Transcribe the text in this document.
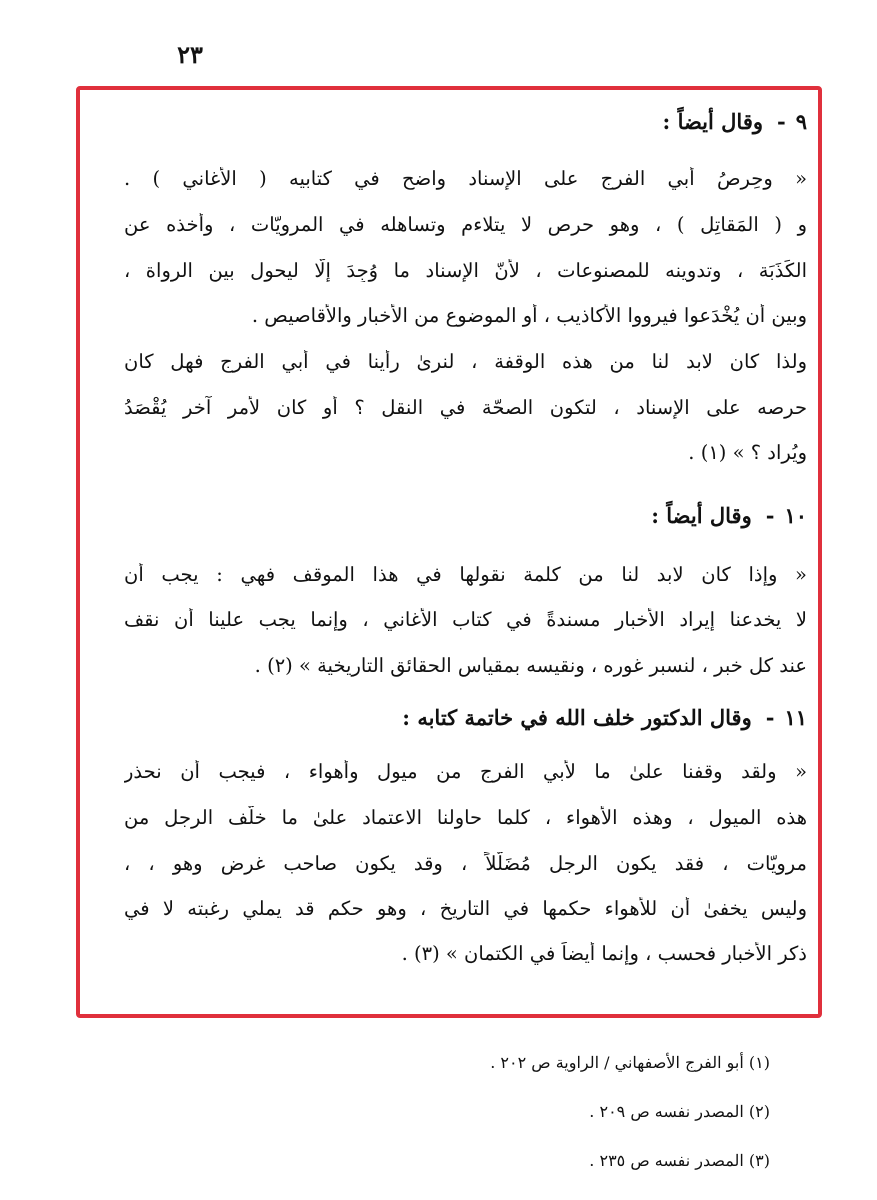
٢٣
٩-وقال أيضاً :
« وحِرصُ أبي الفرج على الإسناد واضح في كتابيه ( الأغاني ) .
و ( المَقاتِل ) ، وهو حرص لا يتلاءم وتساهله في المرويّات ، وأخذه عن
الكَذَبَة ، وتدوينه للمصنوعات ، لأنّ الإسناد ما وُجِدَ إلّا ليحول بين الرواة ،
وبين أن يُخْدَعوا فيرووا الأكاذيب ، أو الموضوع من الأخبار والأقاصيص .
ولذا كان لابد لنا من هذه الوقفة ، لنرىٰ رأينا في أبي الفرج فهل كان
حرصه على الإسناد ، لتكون الصحّة في النقل ؟ أو كان لأمر آخر يُقْصَدُ
ويُراد ؟ » (١) .
١٠-وقال أيضاً :
« وإذا كان لابد لنا من كلمة نقولها في هذا الموقف فهي : يجب أن
لا يخدعنا إيراد الأخبار مسندةً في كتاب الأغاني ، وإنما يجب علينا أن نقف
عند كل خبر ، لنسبر غوره ، ونقيسه بمقياس الحقائق التاريخية » (٢) .
١١-وقال الدكتور خلف الله في خاتمة كتابه :
« ولقد وقفنا علىٰ ما لأبي الفرج من ميول وأهواء ، فيجب أن نحذر
هذه الميول ، وهذه الأهواء ، كلما حاولنا الاعتماد علىٰ ما خلّف الرجل من
مرويّات ، فقد يكون الرجل مُضَلّلاً ، وقد يكون صاحب غرض وهو ، ،
وليس يخفىٰ أن للأهواء حكمها في التاريخ ، وهو حكم قد يملي رغبته لا في
ذكر الأخبار فحسب ، وإنما أيضاً في الكتمان » (٣) .
(١) أبو الفرج الأصفهاني / الراوية ص ٢٠٢ .
(٢) المصدر نفسه ص ٢٠٩ .
(٣) المصدر نفسه ص ٢٣٥ .
